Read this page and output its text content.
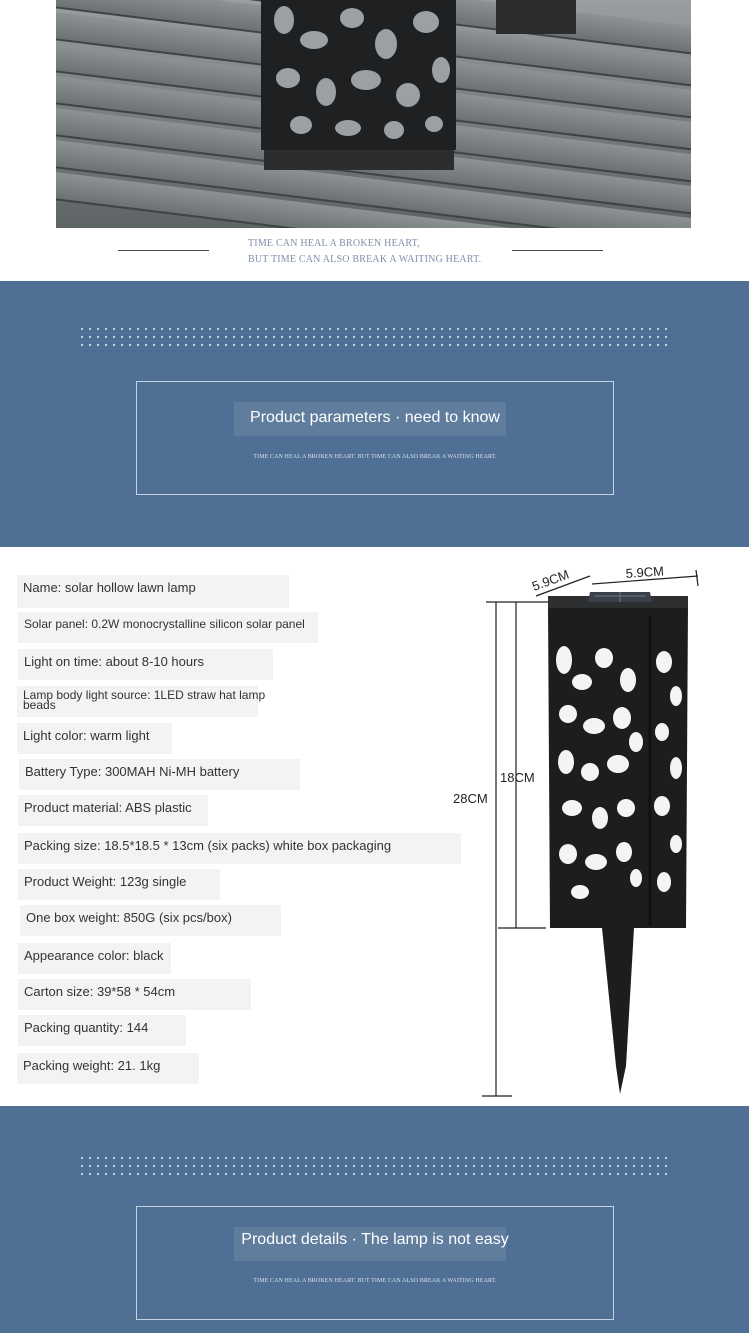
TIME CAN HEAL A BROKEN HEART,
BUT TIME CAN ALSO BREAK A WAITING HEART.
Product parameters · need to know
TIME CAN HEAL A BROKEN HEART. BUT TIME CAN ALSO BREAK A WAITING HEART.
Name: solar hollow lawn lamp
Solar panel: 0.2W monocrystalline silicon solar panel
Light on time: about 8-10 hours
Lamp body light source: 1LED straw hat lamp
beads
Light color: warm light
Battery Type: 300MAH Ni-MH battery
Product material: ABS plastic
Packing size: 18.5*18.5 * 13cm (six packs) white box packaging
Product Weight: 123g single
One box weight: 850G (six pcs/box)
Appearance color: black
Carton size: 39*58 * 54cm
Packing quantity: 144
Packing weight: 21. 1kg
5.9CM	5.9CM
18CM
28CM
Product details · The lamp is not easy
TIME CAN HEAL A BROKEN HEART. BUT TIME CAN ALSO BREAK A WAITING HEART.
